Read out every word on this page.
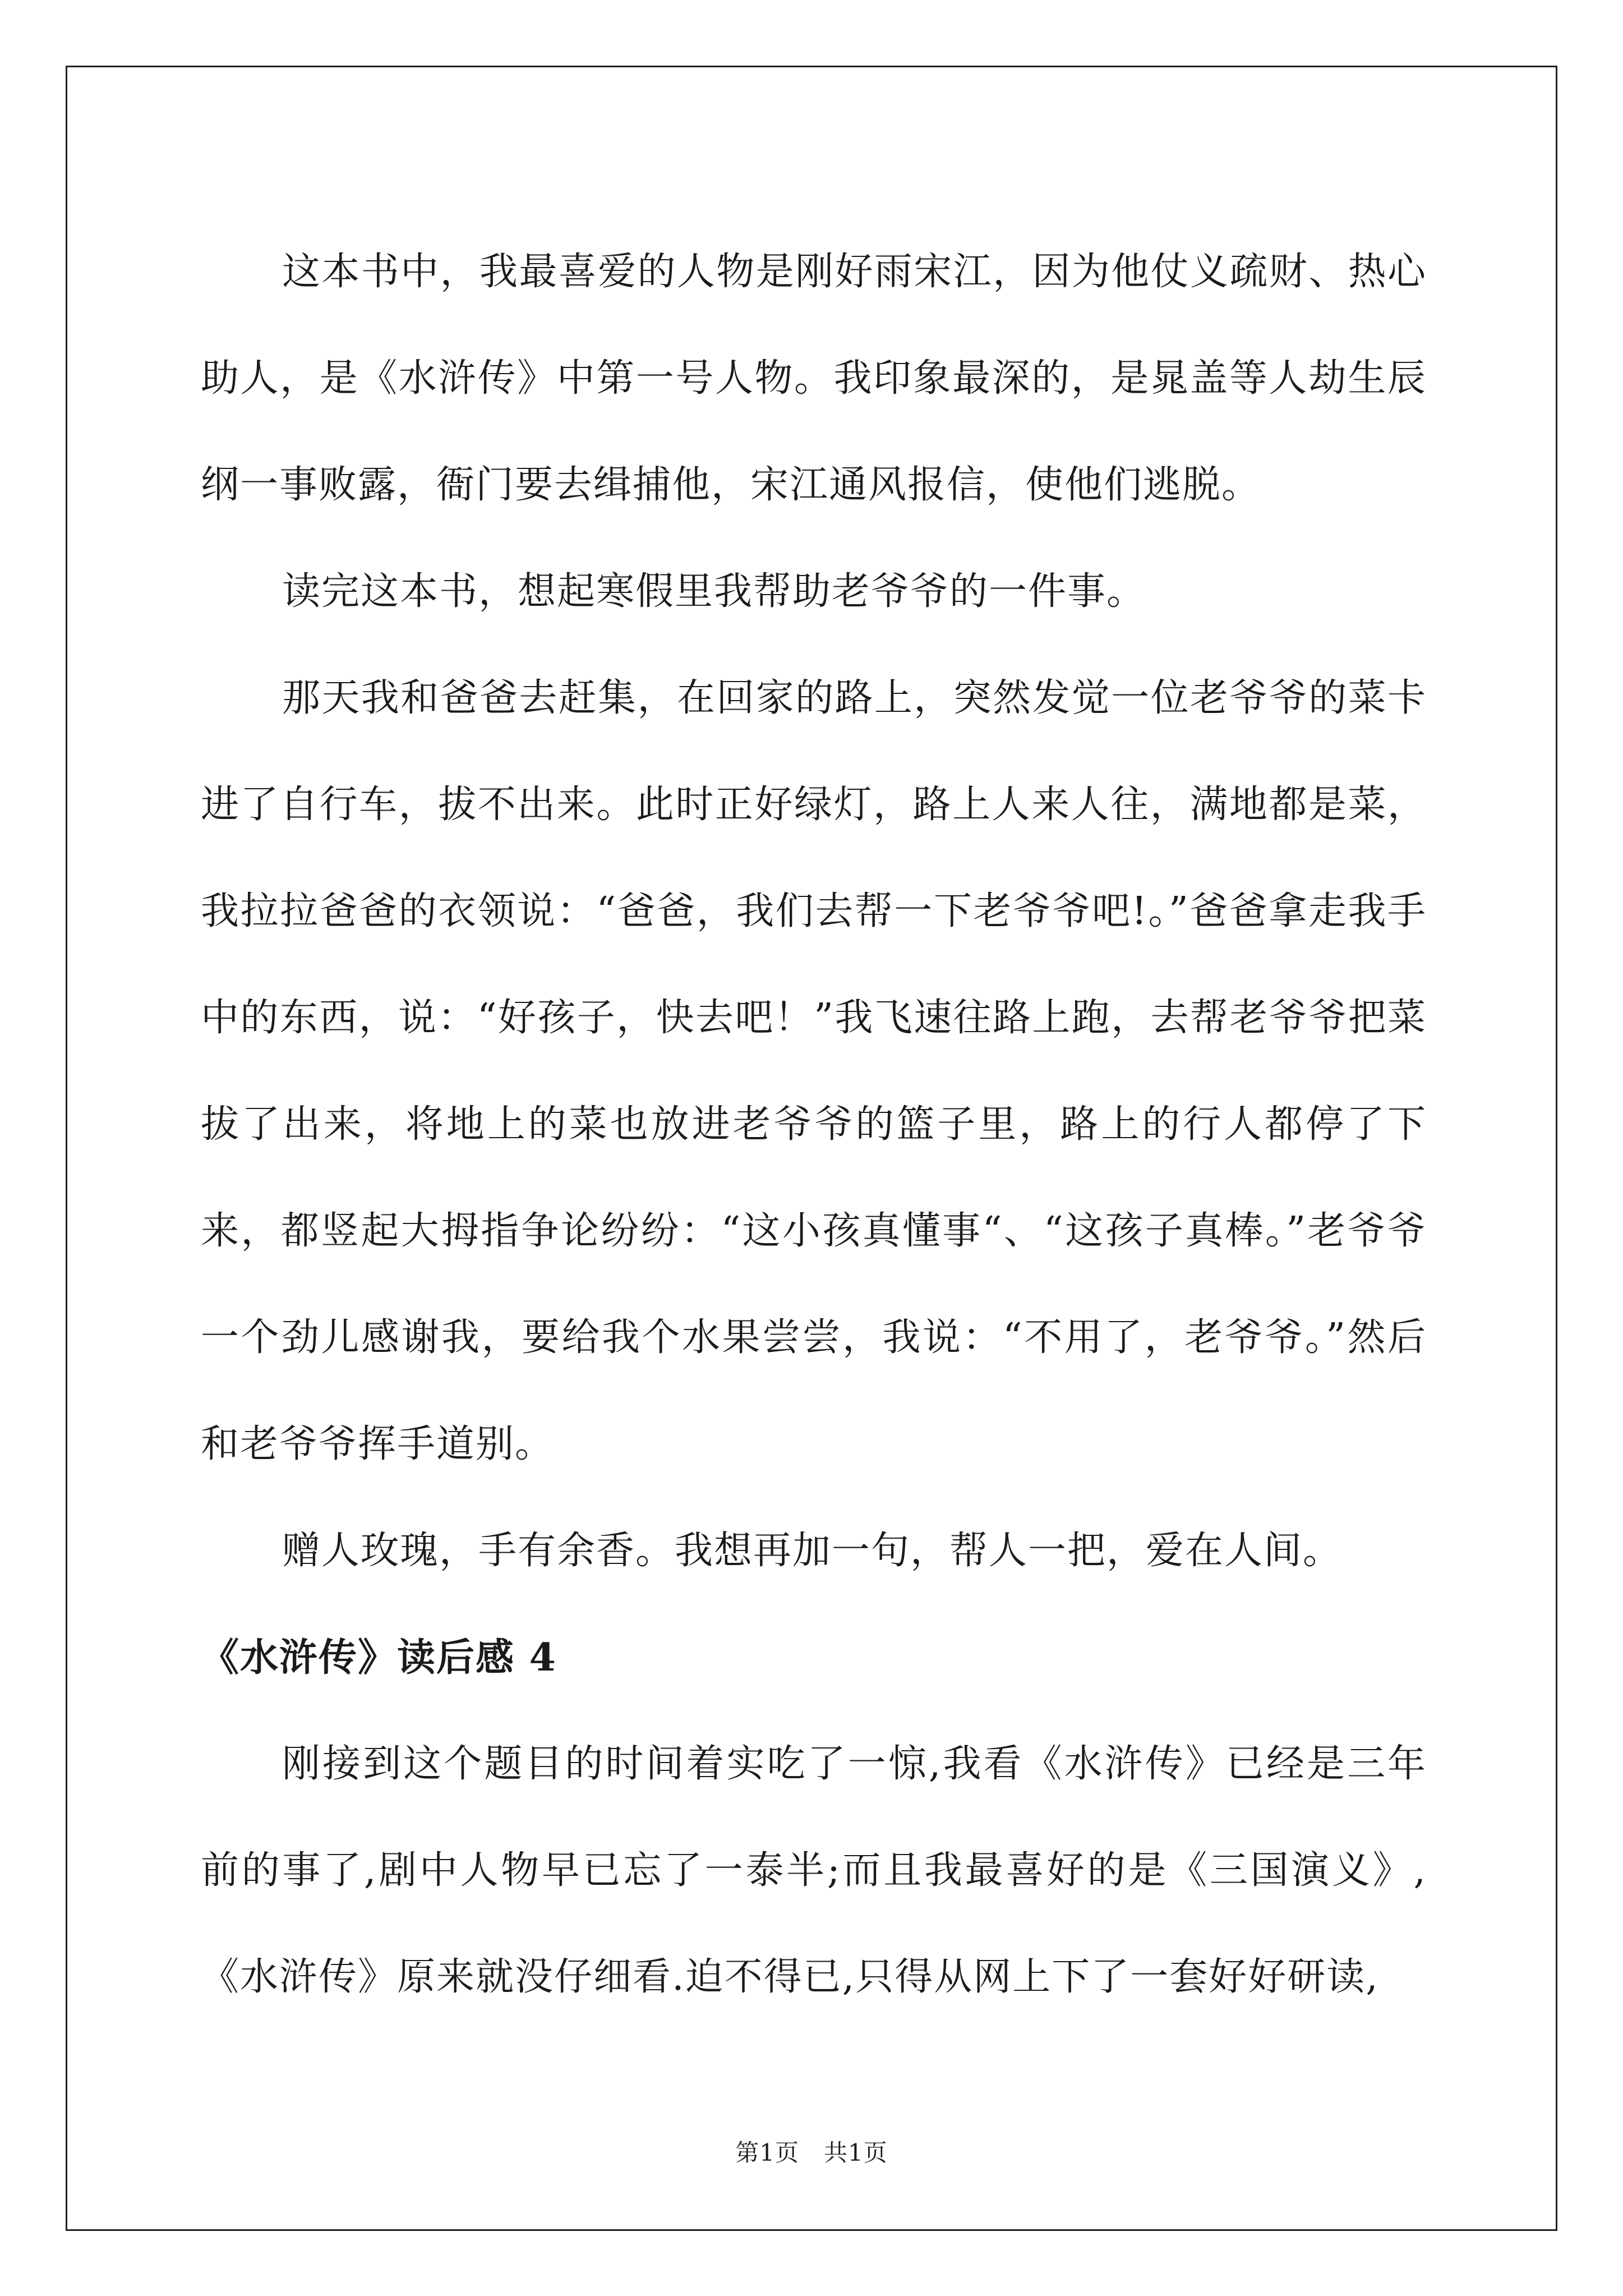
这本书中，我最喜爱的人物是刚好雨宋江，因为他仗义疏财、热心助人，是《水浒传》中第一号人物。我印象最深的，是晁盖等人劫生辰纲一事败露，衙门要去缉捕他，宋江通风报信，使他们逃脱。

读完这本书，想起寒假里我帮助老爷爷的一件事。

那天我和爸爸去赶集，在回家的路上，突然发觉一位老爷爷的菜卡进了自行车，拔不出来。此时正好绿灯，路上人来人往，满地都是菜，我拉拉爸爸的衣领说：“爸爸，我们去帮一下老爷爷吧!。”爸爸拿走我手中的东西，说：“好孩子，快去吧！”我飞速往路上跑，去帮老爷爷把菜拔了出来，将地上的菜也放进老爷爷的篮子里，路上的行人都停了下来，都竖起大拇指争论纷纷：“这小孩真懂事“、“这孩子真棒。”老爷爷一个劲儿感谢我，要给我个水果尝尝，我说：“不用了，老爷爷。”然后和老爷爷挥手道别。

赠人玫瑰，手有余香。我想再加一句，帮人一把，爱在人间。

《水浒传》读后感 4

刚接到这个题目的时间着实吃了一惊,我看《水浒传》已经是三年前的事了,剧中人物早已忘了一泰半;而且我最喜好的是《三国演义》,《水浒传》原来就没仔细看.迫不得已,只得从网上下了一套好好研读,

第1页 共1页
